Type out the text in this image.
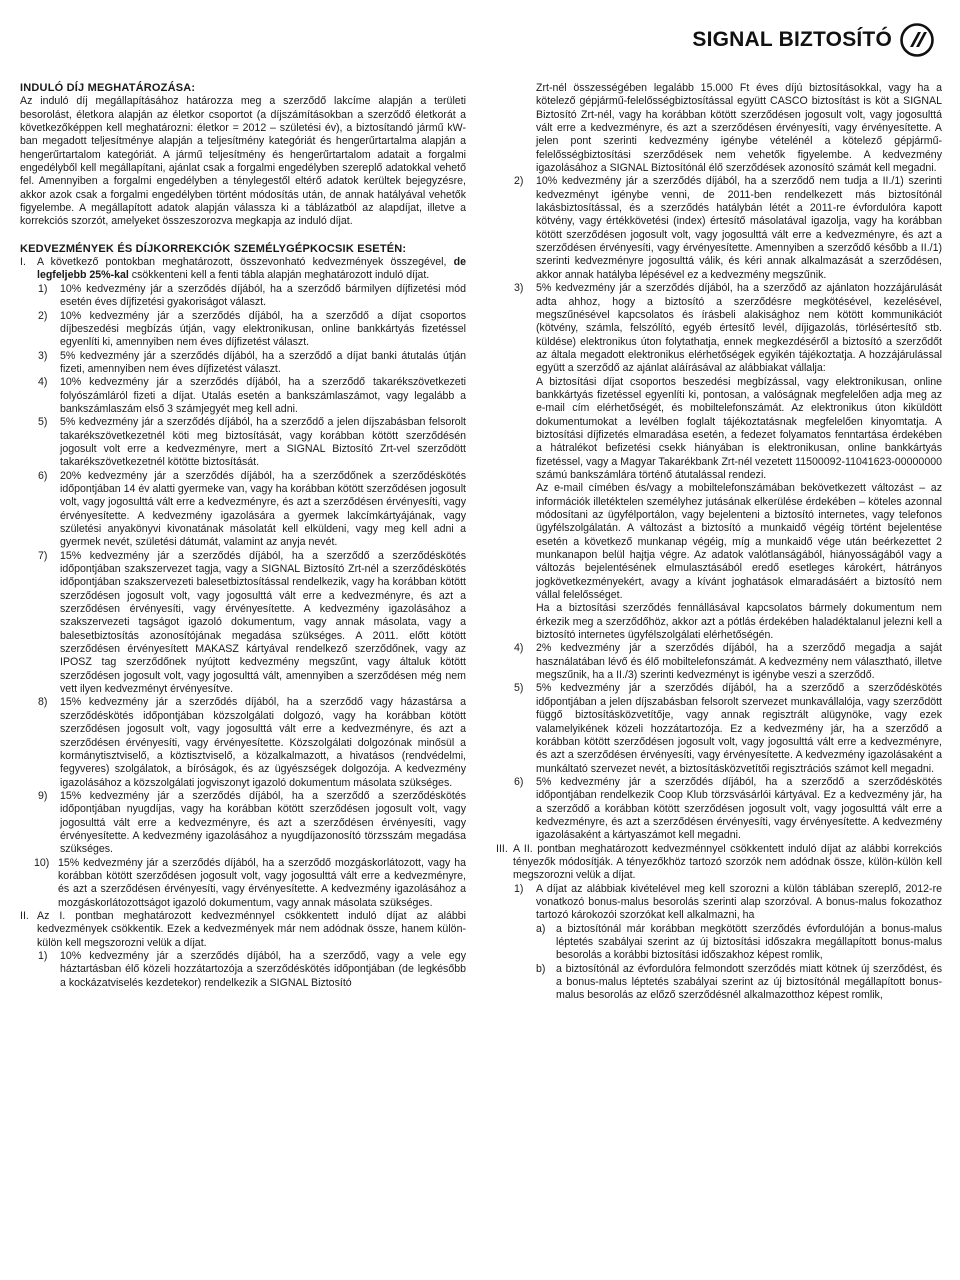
SIGNAL BIZTOSÍTÓ

INDULÓ DÍJ MEGHATÁROZÁSA:

Az induló díj megállapításához határozza meg a szerződő lakcíme alapján a területi besorolást, életkora alapján az életkor csoportot (a díjszámításokban a szerződő életkorát a következőképpen kell meghatározni: életkor = 2012 – születési év), a biztosítandó jármű kW-ban megadott teljesítménye alapján a teljesítmény kategóriát és hengerűrtartalma alapján a hengerűrtartalom kategóriát. A jármű teljesítmény és hengerűrtartalom adatait a forgalmi engedélyből kell megállapítani, ajánlat csak a forgalmi engedélyben szereplő adatokkal vehető fel. Amennyiben a forgalmi engedélyben a ténylegestől eltérő adatok kerültek bejegyzésre, akkor azok csak a forgalmi engedélyben történt módosítás után, de annak hatályával vehetők figyelembe. A megállapított adatok alapján válassza ki a táblázatból az alapdíjat, illetve a korrekciós szorzót, amelyeket összeszorozva megkapja az induló díjat.

KEDVEZMÉNYEK ÉS DÍJKORREKCIÓK SZEMÉLYGÉPKOCSIK ESETÉN:

I.	A következő pontokban meghatározott, összevonható kedvezmények összegével, de legfeljebb 25%-kal csökkenteni kell a fenti tábla alapján meghatározott induló díjat.
1)	10% kedvezmény jár a szerződés díjából, ha a szerződő bármilyen díjfizetési mód esetén éves díjfizetési gyakoriságot választ.
2)	10% kedvezmény jár a szerződés díjából, ha a szerződő a díjat csoportos díjbeszedési megbízás útján, vagy elektronikusan, online bankkártyás fizetéssel egyenlíti ki, amennyiben nem éves díjfizetést választ.
3)	5% kedvezmény jár a szerződés díjából, ha a szerződő a díjat banki átutalás útján fizeti, amennyiben nem éves díjfizetést választ.
4)	10% kedvezmény jár a szerződés díjából, ha a szerződő takarékszövetkezeti folyószámláról fizeti a díjat. Utalás esetén a bankszámlaszámot, vagy legalább a bankszámlaszám első 3 számjegyét meg kell adni.
5)	5% kedvezmény jár a szerződés díjából, ha a szerződő a jelen díjszabásban felsorolt takarékszövetkezetnél köti meg biztosítását, vagy korábban kötött szerződésén jogosult volt erre a kedvezményre, mert a SIGNAL Biztosító Zrt-vel szerződött takarékszövetkezetnél kötötte biztosítását.
6)	20% kedvezmény jár a szerződés díjából, ha a szerződőnek a szerződéskötés időpontjában 14 év alatti gyermeke van, vagy ha korábban kötött szerződésen jogosult volt, vagy jogosulttá vált erre a kedvezményre, és azt a szerződésen érvényesíti, vagy érvényesítette. A kedvezmény igazolására a gyermek lakcímkártyájának, vagy születési anyakönyvi kivonatának másolatát kell elküldeni, vagy meg kell adni a gyermek nevét, születési dátumát, valamint az anyja nevét.
7)	15% kedvezmény jár a szerződés díjából, ha a szerződő a szerződéskötés időpontjában szakszervezet tagja, vagy a SIGNAL Biztosító Zrt-nél a szerződéskötés időpontjában szakszervezeti balesetbiztosítással rendelkezik, vagy ha korábban kötött szerződésen jogosult volt, vagy jogosulttá vált erre a kedvezményre, és azt a szerződésen érvényesíti, vagy érvényesítette. A kedvezmény igazolásához a szakszervezeti tagságot igazoló dokumentum, vagy annak másolata, vagy a balesetbiztosítás azonosítójának megadása szükséges. A 2011. előtt kötött szerződésen érvényesített MAKASZ kártyával rendelkező szerződőnek, vagy az IPOSZ tag szerződőnek nyújtott kedvezmény megszűnt, vagy általuk kötött szerződésen jogosult volt, vagy jogosulttá vált, amennyiben a szerződésen még nem vett ilyen kedvezményt érvényesítve.
8)	15% kedvezmény jár a szerződés díjából, ha a szerződő vagy házastársa a szerződéskötés időpontjában közszolgálati dolgozó, vagy ha korábban kötött szerződésen jogosult volt, vagy jogosulttá vált erre a kedvezményre, és azt a szerződésen érvényesíti, vagy érvényesítette. Közszolgálati dolgozónak minősül a kormánytisztviselő, a köztisztviselő, a közalkalmazott, a hivatásos (rendvédelmi, fegyveres) szolgálatok, a bíróságok, és az ügyészségek dolgozója. A kedvezmény igazolásához a közszolgálati jogviszonyt igazoló dokumentum másolata szükséges.
9)	15% kedvezmény jár a szerződés díjából, ha a szerződő a szerződéskötés időpontjában nyugdíjas, vagy ha korábban kötött szerződésen jogosult volt, vagy jogosulttá vált erre a kedvezményre, és azt a szerződésen érvényesíti, vagy érvényesítette. A kedvezmény igazolásához a nyugdíjazonosító törzsszám megadása szükséges.
10) 15% kedvezmény jár a szerződés díjából, ha a szerződő mozgáskorlátozott, vagy ha korábban kötött szerződésen jogosult volt, vagy jogosulttá vált erre a kedvezményre, és azt a szerződésen érvényesíti, vagy érvényesítette. A kedvezmény igazolásához a mozgáskorlátozottságot igazoló dokumentum, vagy annak másolata szükséges.
II. Az I. pontban meghatározott kedvezménnyel csökkentett induló díjat az alábbi kedvezmények csökkentik. Ezek a kedvezmények már nem adódnak össze, hanem külön-külön kell megszorozni velük a díjat.
1)	10% kedvezmény jár a szerződés díjából, ha a szerződő, vagy a vele egy háztartásban élő közeli hozzátartozója a szerződéskötés időpontjában (de legkésőbb a kockázatviselés kezdetekor) rendelkezik a SIGNAL Biztosító

Zrt-nél összességében legalább 15.000 Ft éves díjú biztosításokkal, vagy ha a kötelező gépjármű-felelősségbiztosítással együtt CASCO biztosítást is köt a SIGNAL Biztosító Zrt-nél, vagy ha korábban kötött szerződésen jogosult volt, vagy jogosulttá vált erre a kedvezményre, és azt a szerződésen érvényesíti, vagy érvényesítette. A jelen pont szerinti kedvezmény igénybe vételénél a kötelező gépjármű-felelősségbiztosítási szerződések nem vehetők figyelembe. A kedvezmény igazolásához a SIGNAL Biztosítónál élő szerződések azonosító számát kell megadni.

2)	10% kedvezmény jár a szerződés díjából, ha a szerződő nem tudja a II./1) szerinti kedvezményt igénybe venni, de 2011-ben rendelkezett más biztosítónál lakásbiztosítással, és a szerződés hatálybán létét a 2011-re évfordulóra kapott kötvény, vagy értékkövetési (index) értesítő másolatával igazolja, vagy ha korábban kötött szerződésen jogosult volt, vagy jogosulttá vált erre a kedvezményre, és azt a szerződésen érvényesíti, vagy érvényesítette. Amennyiben a szerződő később a II./1) szerinti kedvezményre jogosulttá válik, és kéri annak alkalmazását a szerződésen, akkor annak hatályba lépésével ez a kedvezmény megszűnik.
3)	5% kedvezmény jár a szerződés díjából, ha a szerződő az ajánlaton hozzájárulását adta ahhoz, hogy a biztosító a szerződésre megkötésével, kezelésével, megszűnésével kapcsolatos és írásbeli alakisághoz nem kötött kommunikációt (kötvény, számla, felszólító, egyéb értesítő levél, díjigazolás, törlésértesítő stb. küldése) elektronikus úton folytathatja, ennek megkezdéséről a biztosító a szerződőt az általa megadott elektronikus elérhetőségek egyikén tájékoztatja. A hozzájárulással együtt a szerződő az ajánlat aláírásával az alábbiakat vállalja:

A biztosítási díjat csoportos beszedési megbízással, vagy elektronikusan, online bankkártyás fizetéssel egyenlíti ki, pontosan, a valóságnak megfelelően adja meg az e-mail cím elérhetőségét, és mobiltelefonszámát. Az elektronikus úton kiküldött dokumentumokat a levélben foglalt tájékoztatásnak megfelelően kinyomtatja. A biztosítási díjfizetés elmaradása esetén, a fedezet folyamatos fenntartása érdekében a hátralékot befizetési csekk hiányában is elektronikusan, online bankkártyás fizetéssel, vagy a Magyar Takarékbank Zrt-nél vezetett 11500092-11041623-00000000 számú bankszámlára történő átutalással rendezi.

Az e-mail címében és/vagy a mobiltelefonszámában bekövetkezett változást – az információk illetéktelen személyhez jutásának elkerülése érdekében – köteles azonnal módosítani az ügyfélportálon, vagy bejelenteni a biztosító internetes, vagy telefonos ügyfélszolgálatán. A változást a biztosító a munkaidő végéig történt bejelentése esetén a következő munkanap végéig, míg a munkaidő vége után beérkezettet 2 munkanapon belül hajtja végre. Az adatok valótlanságából, hiányosságából vagy a változás bejelentésének elmulasztásából eredő esetleges károkért, hátrányos jogkövetkezményekért, avagy a kívánt joghatások elmaradásáért a biztosító nem vállal felelősséget.

Ha a biztosítási szerződés fennállásával kapcsolatos bármely dokumentum nem érkezik meg a szerződőhöz, akkor azt a pótlás érdekében haladéktalanul jelezni kell a biztosító internetes ügyfélszolgálati elérhetőségén.

4)	2% kedvezmény jár a szerződés díjából, ha a szerződő megadja a saját használatában lévő és élő mobiltelefonszámát. A kedvezmény nem választható, illetve megszűnik, ha a II./3) szerinti kedvezményt is igénybe veszi a szerződő.
5)	5% kedvezmény jár a szerződés díjából, ha a szerződő a szerződéskötés időpontjában a jelen díjszabásban felsorolt szervezet munkavállalója, vagy szerződött függő biztosításközvetítője, vagy annak regisztrált alügynöke, vagy ezek valamelyikének közeli hozzátartozója. Ez a kedvezmény jár, ha a szerződő a korábban kötött szerződésen jogosult volt, vagy jogosulttá vált erre a kedvezményre, és azt a szerződésen érvényesíti, vagy érvényesítette. A kedvezmény igazolásaként a munkáltató szervezet nevét, a biztosításközvetítői regisztrációs számot kell megadni.
6)	5% kedvezmény jár a szerződés díjából, ha a szerződő a szerződéskötés időpontjában rendelkezik Coop Klub törzsvásárlói kártyával. Ez a kedvezmény jár, ha a szerződő a korábban kötött szerződésen jogosult volt, vagy jogosulttá vált erre a kedvezményre, és azt a szerződésen érvényesíti, vagy érvényesítette. A kedvezmény igazolásaként a kártyaszámot kell megadni.
III. A II. pontban meghatározott kedvezménnyel csökkentett induló díjat az alábbi korrekciós tényezők módosítják. A tényezőkhöz tartozó szorzók nem adódnak össze, külön-külön kell megszorozni velük a díjat.
1)	A díjat az alábbiak kivételével meg kell szorozni a külön táblában szereplő, 2012-re vonatkozó bonus-malus besorolás szerinti alap szorzóval. A bonus-malus fokozathoz tartozó károkozói szorzókat kell alkalmazni, ha
a) a biztosítónál már korábban megkötött szerződés évfordulóján a bonus-malus léptetés szabályai szerint az új biztosítási időszakra megállapított bonus-malus besorolás a korábbi biztosítási időszakhoz képest romlik,
b) a biztosítónál az évfordulóra felmondott szerződés miatt kötnek új szerződést, és a bonus-malus léptetés szabályai szerint az új biztosítónál megállapított bonus-malus besorolás az előző szerződésnél alkalmazotthoz képest romlik,
